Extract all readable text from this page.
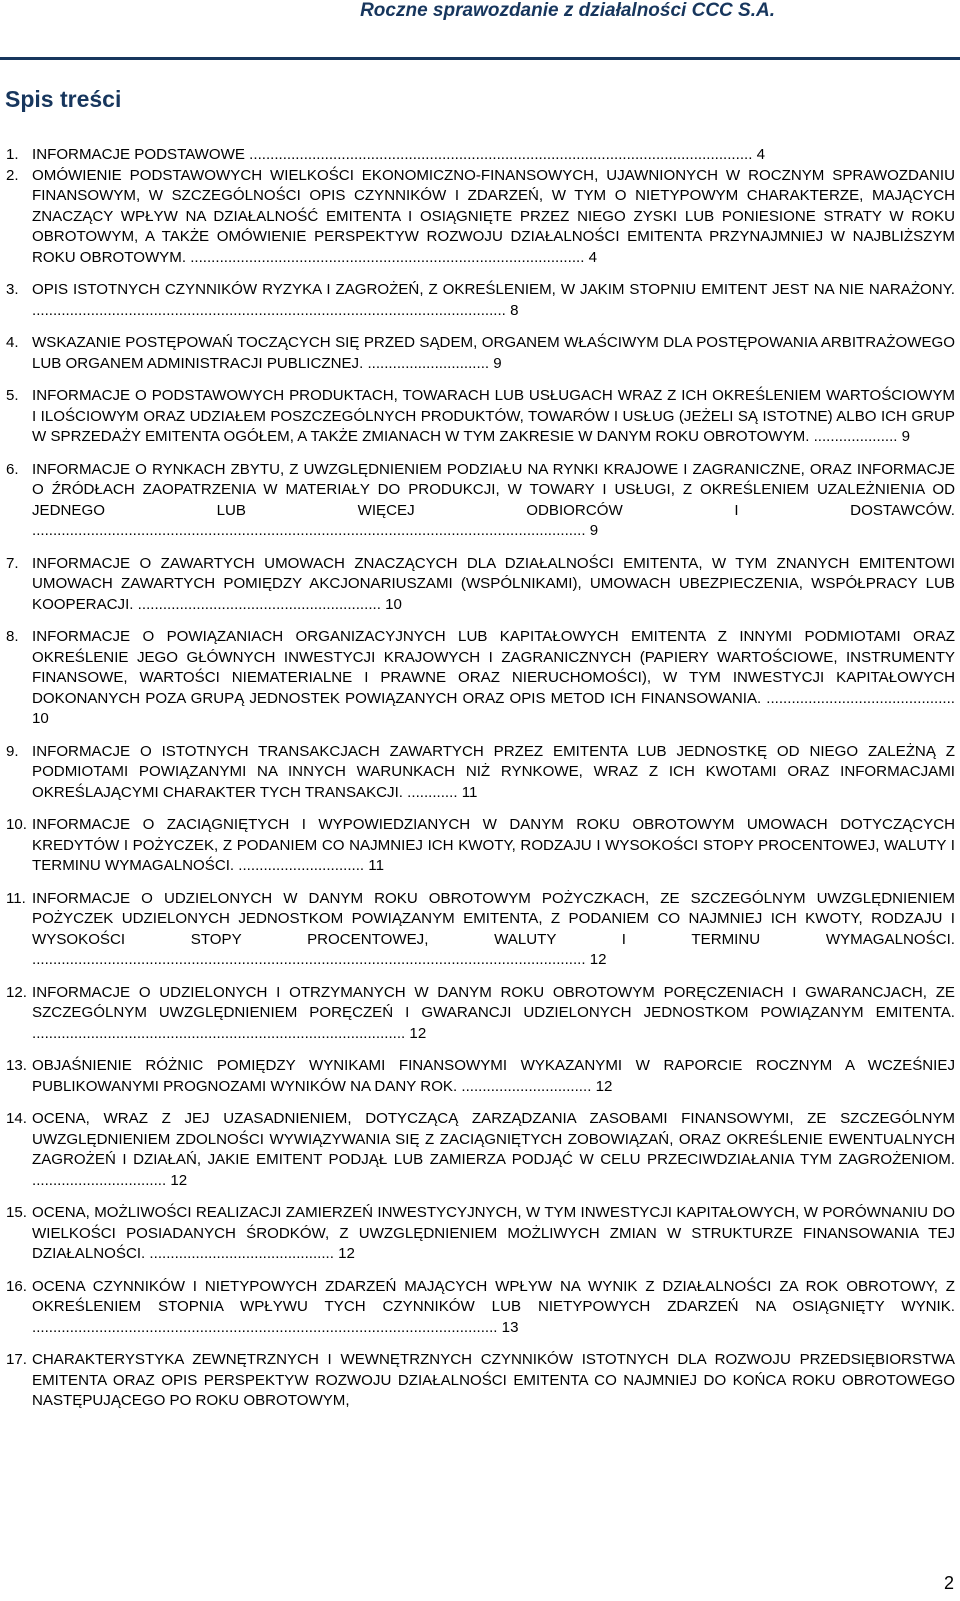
Roczne sprawozdanie z działalności CCC S.A.
Spis treści
1. INFORMACJE PODSTAWOWE ........................................................................................................................ 4
2. OMÓWIENIE PODSTAWOWYCH WIELKOŚCI EKONOMICZNO-FINANSOWYCH, UJAWNIONYCH W ROCZNYM SPRAWOZDANIU FINANSOWYM, W SZCZEGÓLNOŚCI OPIS CZYNNIKÓW I ZDARZEŃ, W TYM O NIETYPOWYM CHARAKTERZE, MAJĄCYCH ZNACZĄCY WPŁYW NA DZIAŁALNOŚĆ EMITENTA I OSIĄGNIĘTE PRZEZ NIEGO ZYSKI LUB PONIESIONE STRATY W ROKU OBROTOWYM, A TAKŻE OMÓWIENIE PERSPEKTYW ROZWOJU DZIAŁALNOŚCI EMITENTA PRZYNAJMNIEJ W NAJBLIŻSZYM ROKU OBROTOWYM. .............................................................................................. 4
3. OPIS ISTOTNYCH CZYNNIKÓW RYZYKA I ZAGROŻEŃ, Z OKREŚLENIEM, W JAKIM STOPNIU EMITENT JEST NA NIE NARAŻONY. ................................................................................................................. 8
4. WSKAZANIE POSTĘPOWAŃ TOCZĄCYCH SIĘ PRZED SĄDEM, ORGANEM WŁAŚCIWYM DLA POSTĘPOWANIA ARBITRAŻOWEGO LUB ORGANEM ADMINISTRACJI PUBLICZNEJ. ............................. 9
5. INFORMACJE O PODSTAWOWYCH PRODUKTACH, TOWARACH LUB USŁUGACH WRAZ Z ICH OKREŚLENIEM WARTOŚCIOWYM I ILOŚCIOWYM ORAZ UDZIAŁEM POSZCZEGÓLNYCH PRODUKTÓW, TOWARÓW I USŁUG (JEŻELI SĄ ISTOTNE) ALBO ICH GRUP W SPRZEDAŻY EMITENTA OGÓŁEM, A TAKŻE ZMIANACH W TYM ZAKRESIE W DANYM ROKU OBROTOWYM. .................... 9
6. INFORMACJE O RYNKACH ZBYTU, Z UWZGLĘDNIENIEM PODZIAŁU NA RYNKI KRAJOWE I ZAGRANICZNE, ORAZ INFORMACJE O ŹRÓDŁACH ZAOPATRZENIA W MATERIAŁY DO PRODUKCJI, W TOWARY I USŁUGI, Z OKREŚLENIEM UZALEŻNIENIA OD JEDNEGO LUB WIĘCEJ ODBIORCÓW I DOSTAWCÓW. .................................................................................................................................... 9
7. INFORMACJE O ZAWARTYCH UMOWACH ZNACZĄCYCH DLA DZIAŁALNOŚCI EMITENTA, W TYM ZNANYCH EMITENTOWI UMOWACH ZAWARTYCH POMIĘDZY AKCJONARIUSZAMI (WSPÓLNIKAMI), UMOWACH UBEZPIECZENIA, WSPÓŁPRACY LUB KOOPERACJI. .......................................................... 10
8. INFORMACJE O POWIĄZANIACH ORGANIZACYJNYCH LUB KAPITAŁOWYCH EMITENTA Z INNYMI PODMIOTAMI ORAZ OKREŚLENIE JEGO GŁÓWNYCH INWESTYCJI KRAJOWYCH I ZAGRANICZNYCH (PAPIERY WARTOŚCIOWE, INSTRUMENTY FINANSOWE, WARTOŚCI NIEMATERIALNE I PRAWNE ORAZ NIERUCHOMOŚCI), W TYM INWESTYCJI KAPITAŁOWYCH DOKONANYCH POZA GRUPĄ JEDNOSTEK POWIĄZANYCH ORAZ OPIS METOD ICH FINANSOWANIA. ............................................. 10
9. INFORMACJE O ISTOTNYCH TRANSAKCJACH ZAWARTYCH PRZEZ EMITENTA LUB JEDNOSTKĘ OD NIEGO ZALEŻNĄ Z PODMIOTAMI POWIĄZANYMI NA INNYCH WARUNKACH NIŻ RYNKOWE, WRAZ Z ICH KWOTAMI ORAZ INFORMACJAMI OKREŚLAJĄCYMI CHARAKTER TYCH TRANSAKCJI. ............ 11
10. INFORMACJE O ZACIĄGNIĘTYCH I WYPOWIEDZIANYCH W DANYM ROKU OBROTOWYM UMOWACH DOTYCZĄCYCH KREDYTÓW I POŻYCZEK, Z PODANIEM CO NAJMNIEJ ICH KWOTY, RODZAJU I WYSOKOŚCI STOPY PROCENTOWEJ, WALUTY I TERMINU WYMAGALNOŚCI. .............................. 11
11. INFORMACJE O UDZIELONYCH W DANYM ROKU OBROTOWYM POŻYCZKACH, ZE SZCZEGÓLNYM UWZGLĘDNIENIEM POŻYCZEK UDZIELONYCH JEDNOSTKOM POWIĄZANYM EMITENTA, Z PODANIEM CO NAJMNIEJ ICH KWOTY, RODZAJU I WYSOKOŚCI STOPY PROCENTOWEJ, WALUTY I TERMINU WYMAGALNOŚCI. .................................................................................................................................... 12
12. INFORMACJE O UDZIELONYCH I OTRZYMANYCH W DANYM ROKU OBROTOWYM PORĘCZENIACH I GWARANCJACH, ZE SZCZEGÓLNYM UWZGLĘDNIENIEM PORĘCZEŃ I GWARANCJI UDZIELONYCH JEDNOSTKOM POWIĄZANYM EMITENTA. ......................................................................................... 12
13. OBJAŚNIENIE RÓŻNIC POMIĘDZY WYNIKAMI FINANSOWYMI WYKAZANYMI W RAPORCIE ROCZNYM A WCZEŚNIEJ PUBLIKOWANYMI PROGNOZAMI WYNIKÓW NA DANY ROK. ............................... 12
14. OCENA, WRAZ Z JEJ UZASADNIENIEM, DOTYCZĄCĄ ZARZĄDZANIA ZASOBAMI FINANSOWYMI, ZE SZCZEGÓLNYM UWZGLĘDNIENIEM ZDOLNOŚCI WYWIĄZYWANIA SIĘ Z ZACIĄGNIĘTYCH ZOBOWIĄZAŃ, ORAZ OKREŚLENIE EWENTUALNYCH ZAGROŻEŃ I DZIAŁAŃ, JAKIE EMITENT PODJĄŁ LUB ZAMIERZA PODJĄĆ W CELU PRZECIWDZIAŁANIA TYM ZAGROŻENIOM. ................................ 12
15. OCENA, MOŻLIWOŚCI REALIZACJI ZAMIERZEŃ INWESTYCYJNYCH, W TYM INWESTYCJI KAPITAŁOWYCH, W PORÓWNANIU DO WIELKOŚCI POSIADANYCH ŚRODKÓW, Z UWZGLĘDNIENIEM MOŻLIWYCH ZMIAN W STRUKTURZE FINANSOWANIA TEJ DZIAŁALNOŚCI. ............................................ 12
16. OCENA CZYNNIKÓW I NIETYPOWYCH ZDARZEŃ MAJĄCYCH WPŁYW NA WYNIK Z DZIAŁALNOŚCI ZA ROK OBROTOWY, Z OKREŚLENIEM STOPNIA WPŁYWU TYCH CZYNNIKÓW LUB NIETYPOWYCH ZDARZEŃ NA OSIĄGNIĘTY WYNIK. ............................................................................................................... 13
17. CHARAKTERYSTYKA ZEWNĘTRZNYCH I WEWNĘTRZNYCH CZYNNIKÓW ISTOTNYCH DLA ROZWOJU PRZEDSIĘBIORSTWA EMITENTA ORAZ OPIS PERSPEKTYW ROZWOJU DZIAŁALNOŚCI EMITENTA CO NAJMNIEJ DO KOŃCA ROKU OBROTOWEGO NASTĘPUJĄCEGO PO ROKU OBROTOWYM,
2
